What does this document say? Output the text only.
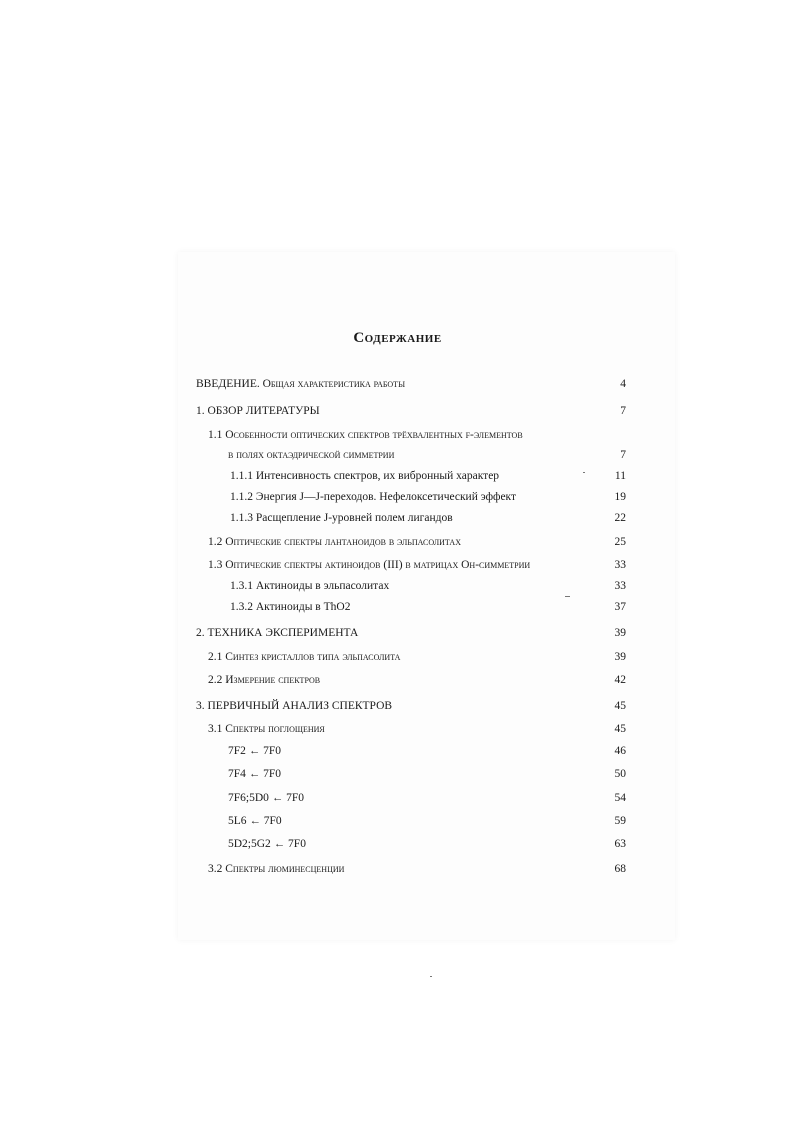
Содержание
ВВЕДЕНИЕ. Общая характеристика работы	4
1. ОБЗОР ЛИТЕРАТУРЫ	7
1.1 Особенности оптических спектров трёхвалентных f-элементов
в полях октаэдрической симметрии	7
1.1.1 Интенсивность спектров, их вибронный характер	11
1.1.2 Энергия J—J-переходов. Нефелоксетический эффект	19
1.1.3 Расщепление J-уровней полем лигандов	22
1.2 Оптические спектры лантаноидов в эльпасолитах	25
1.3 Оптические спектры актиноидов (III) в матрицах Oh-симметрии	33
1.3.1 Актиноиды в эльпасолитах	33
1.3.2 Актиноиды в ThO2	37
2. ТЕХНИКА ЭКСПЕРИМЕНТА	39
2.1 Синтез кристаллов типа эльпасолита	39
2.2 Измерение спектров	42
3. ПЕРВИЧНЫЙ АНАЛИЗ СПЕКТРОВ	45
3.1 Спектры поглощения	45
7F2 ← 7F0	46
7F4 ← 7F0	50
7F6;5D0 ← 7F0	54
5L6 ← 7F0	59
5D2;5G2 ← 7F0	63
3.2 Спектры люминесценции	68
